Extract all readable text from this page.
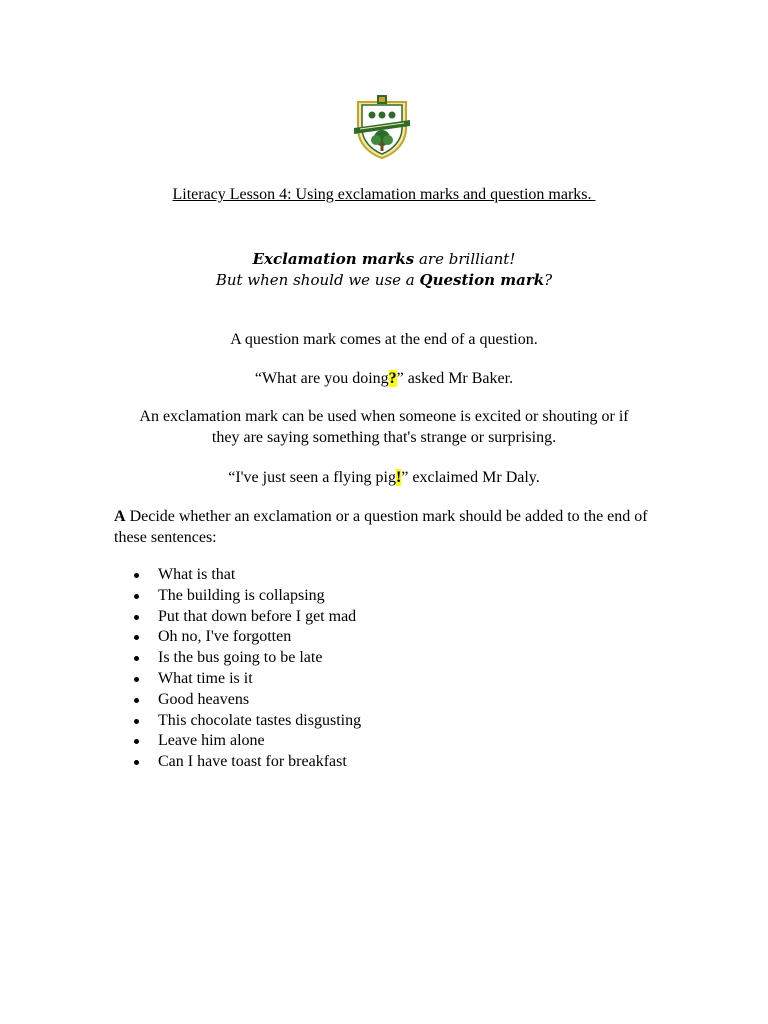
Literacy Lesson 4: Using exclamation marks and question marks.
Exclamation marks are brilliant!
But when should we use a Question mark?
A question mark comes at the end of a question.
“What are you doing?” asked Mr Baker.
An exclamation mark can be used when someone is excited or shouting or if
they are saying something that's strange or surprising.
“I've just seen a flying pig!” exclaimed Mr Daly.
A Decide whether an exclamation or a question mark should be added to the end of these sentences:
What is that
The building is collapsing
Put that down before I get mad
Oh no, I've forgotten
Is the bus going to be late
What time is it
Good heavens
This chocolate tastes disgusting
Leave him alone
Can I have toast for breakfast
